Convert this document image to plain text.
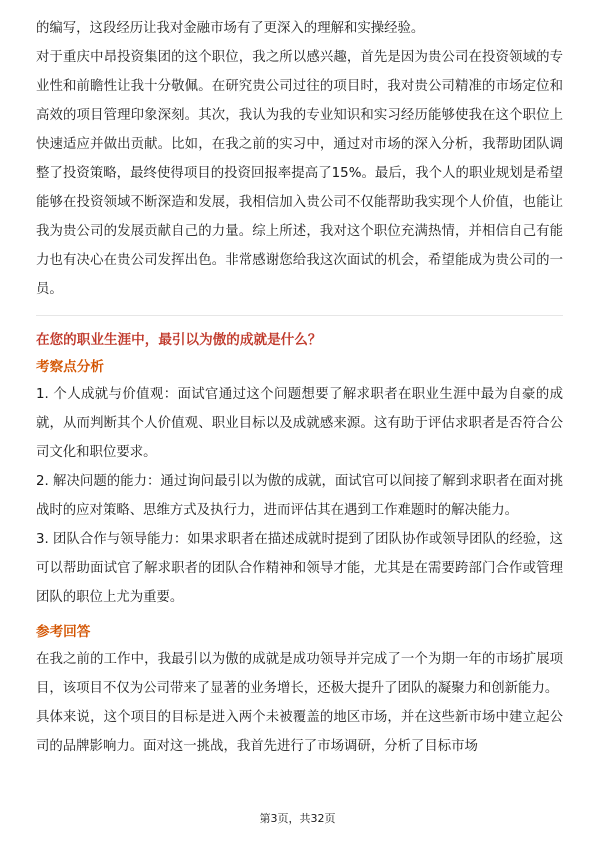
的编写，这段经历让我对金融市场有了更深入的理解和实操经验。

对于重庆中昂投资集团的这个职位，我之所以感兴趣，首先是因为贵公司在投资领域的专业性和前瞻性让我十分敬佩。在研究贵公司过往的项目时，我对贵公司精准的市场定位和高效的项目管理印象深刻。其次，我认为我的专业知识和实习经历能够使我在这个职位上快速适应并做出贡献。比如，在我之前的实习中，通过对市场的深入分析，我帮助团队调整了投资策略，最终使得项目的投资回报率提高了15%。最后，我个人的职业规划是希望能够在投资领域不断深造和发展，我相信加入贵公司不仅能帮助我实现个人价值，也能让我为贵公司的发展贡献自己的力量。综上所述，我对这个职位充满热情，并相信自己有能力也有决心在贵公司发挥出色。非常感谢您给我这次面试的机会，希望能成为贵公司的一员。

在您的职业生涯中，最引以为傲的成就是什么？

考察点分析

1. 个人成就与价值观：面试官通过这个问题想要了解求职者在职业生涯中最为自豪的成就，从而判断其个人价值观、职业目标以及成就感来源。这有助于评估求职者是否符合公司文化和职位要求。

2. 解决问题的能力：通过询问最引以为傲的成就，面试官可以间接了解到求职者在面对挑战时的应对策略、思维方式及执行力，进而评估其在遇到工作难题时的解决能力。

3. 团队合作与领导能力：如果求职者在描述成就时提到了团队协作或领导团队的经验，这可以帮助面试官了解求职者的团队合作精神和领导才能，尤其是在需要跨部门合作或管理团队的职位上尤为重要。

参考回答

在我之前的工作中，我最引以为傲的成就是成功领导并完成了一个为期一年的市场扩展项目，该项目不仅为公司带来了显著的业务增长，还极大提升了团队的凝聚力和创新能力。

具体来说，这个项目的目标是进入两个未被覆盖的地区市场，并在这些新市场中建立起公司的品牌影响力。面对这一挑战，我首先进行了市场调研，分析了目标市场

第3页，共32页
